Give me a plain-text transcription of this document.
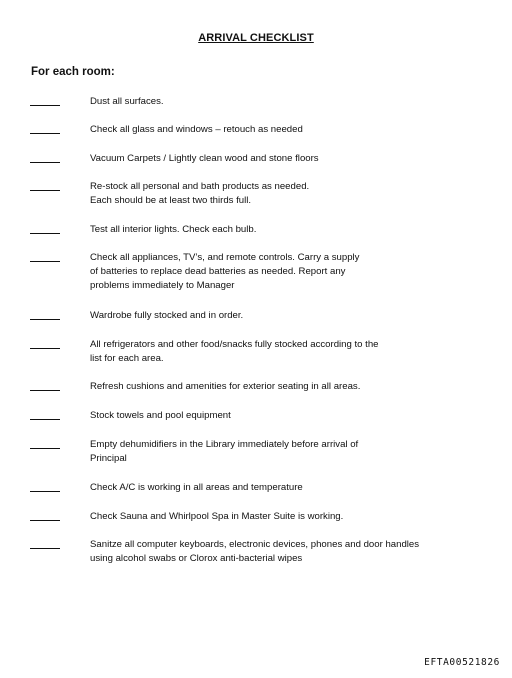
ARRIVAL CHECKLIST
For each room:
Dust all surfaces.
Check all glass and windows – retouch as needed
Vacuum Carpets / Lightly clean wood and stone floors
Re-stock all personal and bath products as needed.
Each should be at least two thirds full.
Test all interior lights. Check each bulb.
Check all appliances, TV’s, and remote controls. Carry a supply
of batteries to replace dead batteries as needed. Report any
problems immediately to Manager
Wardrobe fully stocked and in order.
All refrigerators and other food/snacks fully stocked according to the
list for each area.
Refresh cushions and amenities for exterior seating in all areas.
Stock towels and pool equipment
Empty dehumidifiers in the Library immediately before arrival of
Principal
Check A/C is working in all areas and temperature
Check Sauna and Whirlpool Spa in Master Suite is working.
Sanitze all computer keyboards, electronic devices, phones and door handles
using alcohol swabs or Clorox anti-bacterial wipes
EFTA00521826
